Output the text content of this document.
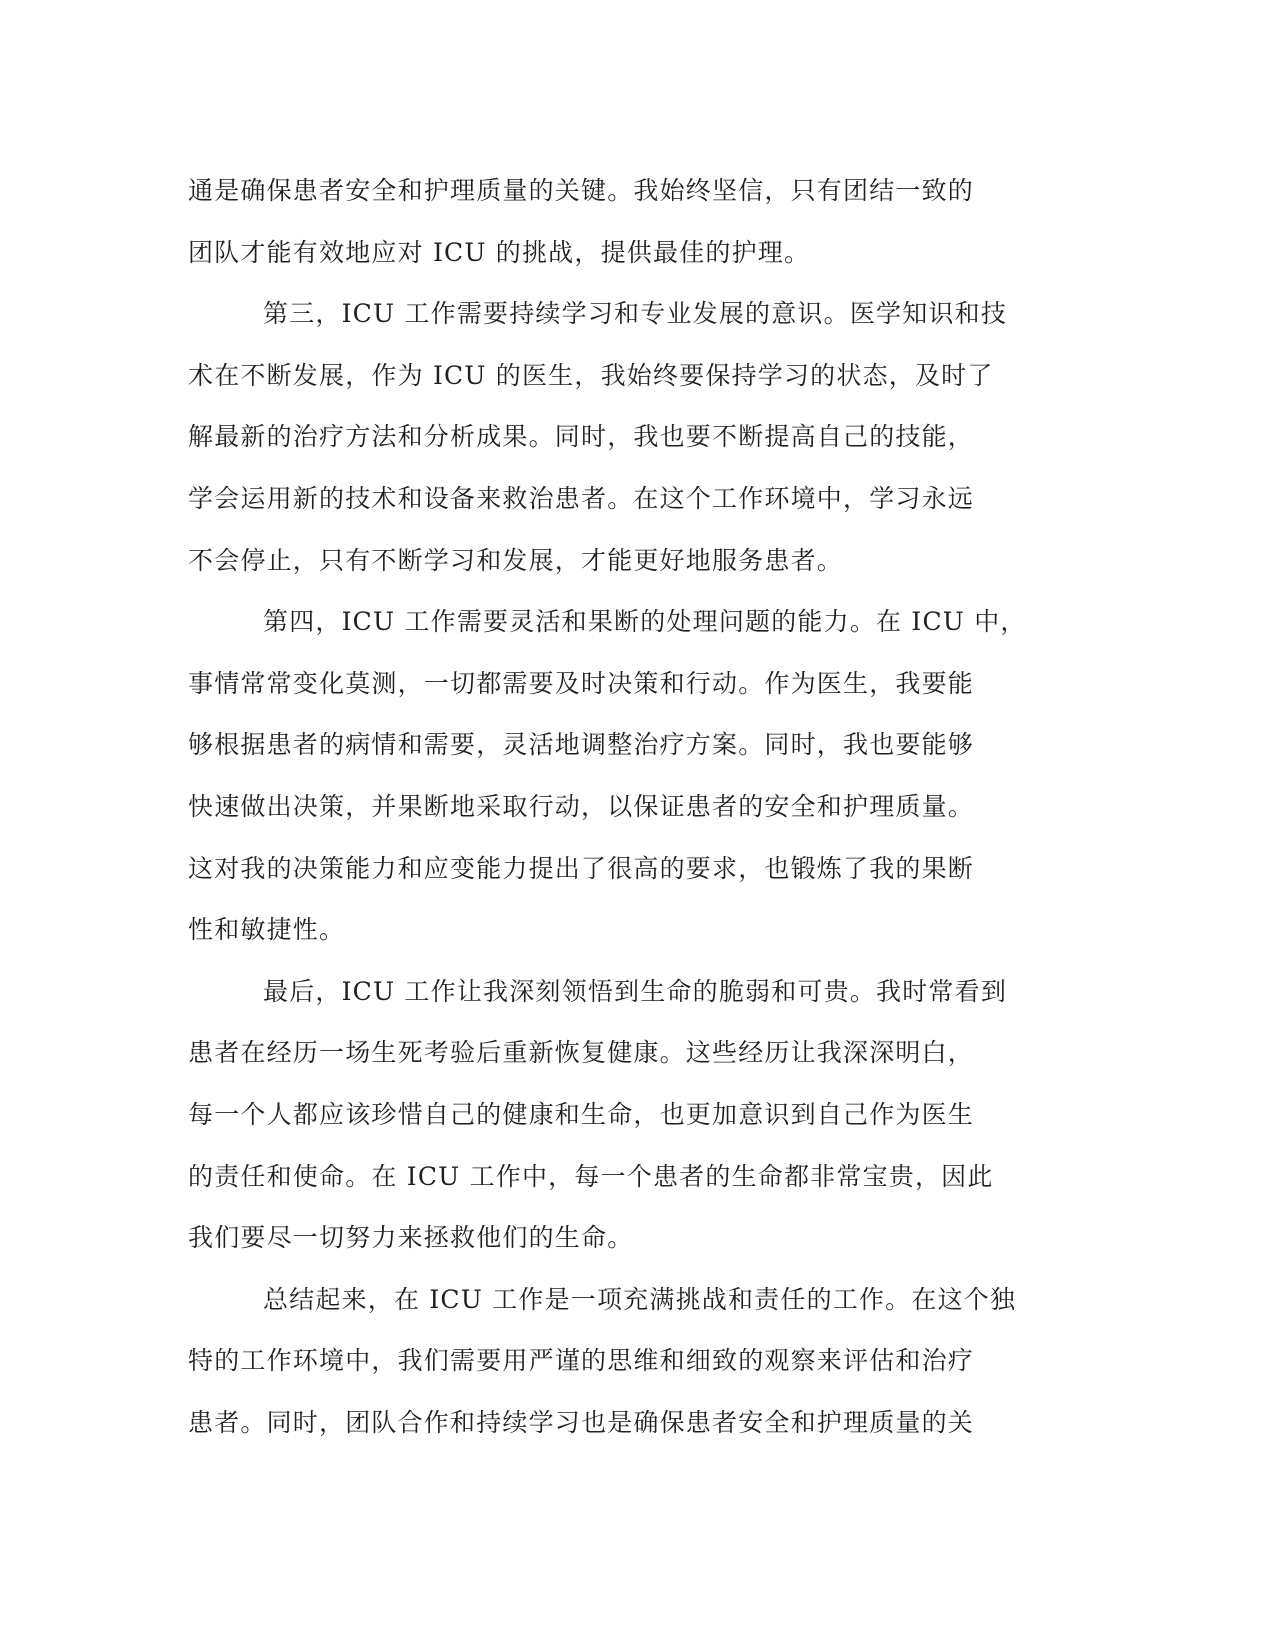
通是确保患者安全和护理质量的关键。我始终坚信，只有团结一致的

团队才能有效地应对 ICU 的挑战，提供最佳的护理。

第三，ICU 工作需要持续学习和专业发展的意识。医学知识和技

术在不断发展，作为 ICU 的医生，我始终要保持学习的状态，及时了

解最新的治疗方法和分析成果。同时，我也要不断提高自己的技能，

学会运用新的技术和设备来救治患者。在这个工作环境中，学习永远

不会停止，只有不断学习和发展，才能更好地服务患者。

第四，ICU 工作需要灵活和果断的处理问题的能力。在 ICU 中，

事情常常变化莫测，一切都需要及时决策和行动。作为医生，我要能

够根据患者的病情和需要，灵活地调整治疗方案。同时，我也要能够

快速做出决策，并果断地采取行动，以保证患者的安全和护理质量。

这对我的决策能力和应变能力提出了很高的要求，也锻炼了我的果断

性和敏捷性。

最后，ICU 工作让我深刻领悟到生命的脆弱和可贵。我时常看到

患者在经历一场生死考验后重新恢复健康。这些经历让我深深明白，

每一个人都应该珍惜自己的健康和生命，也更加意识到自己作为医生

的责任和使命。在 ICU 工作中，每一个患者的生命都非常宝贵，因此

我们要尽一切努力来拯救他们的生命。

总结起来，在 ICU 工作是一项充满挑战和责任的工作。在这个独

特的工作环境中，我们需要用严谨的思维和细致的观察来评估和治疗

患者。同时，团队合作和持续学习也是确保患者安全和护理质量的关
